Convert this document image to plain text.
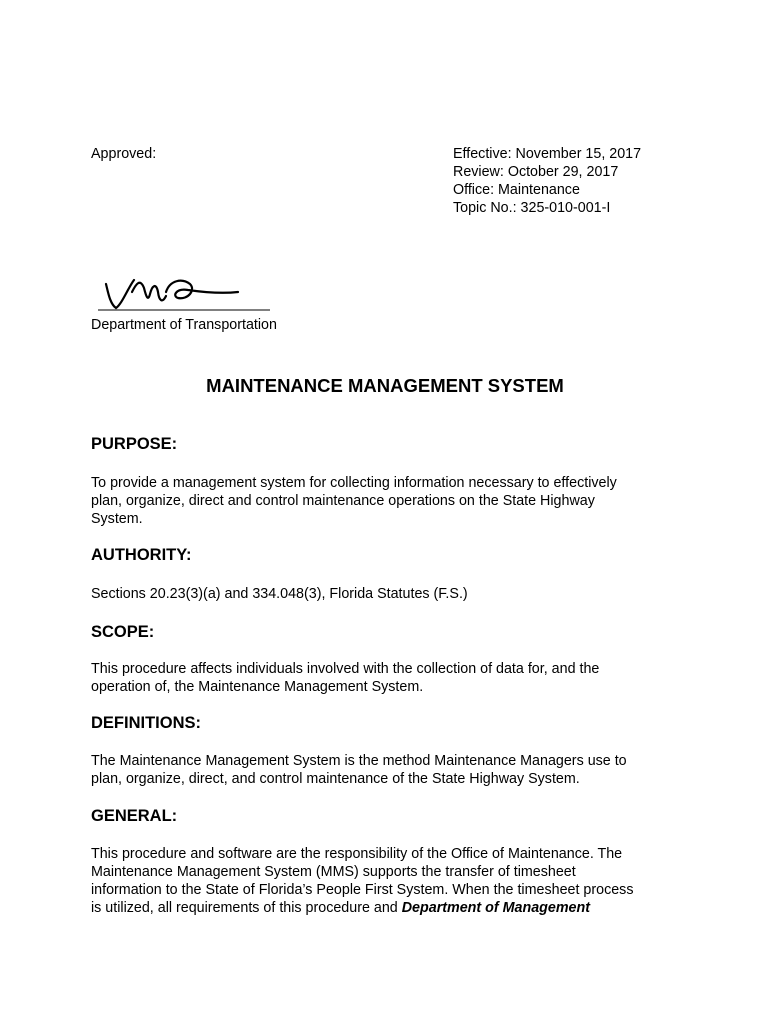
Approved:	Effective: November 15, 2017
Review: October 29, 2017
Office: Maintenance
Topic No.: 325-010-001-I
Department of Transportation
MAINTENANCE MANAGEMENT SYSTEM
PURPOSE:
To provide a management system for collecting information necessary to effectively
plan, organize, direct and control maintenance operations on the State Highway
System.
AUTHORITY:
Sections 20.23(3)(a) and 334.048(3), Florida Statutes (F.S.)
SCOPE:
This procedure affects individuals involved with the collection of data for, and the
operation of, the Maintenance Management System.
DEFINITIONS:
The Maintenance Management System is the method Maintenance Managers use to
plan, organize, direct, and control maintenance of the State Highway System.
GENERAL:
This procedure and software are the responsibility of the Office of Maintenance. The
Maintenance Management System (MMS) supports the transfer of timesheet
information to the State of Florida’s People First System. When the timesheet process
is utilized, all requirements of this procedure and Department of Management
